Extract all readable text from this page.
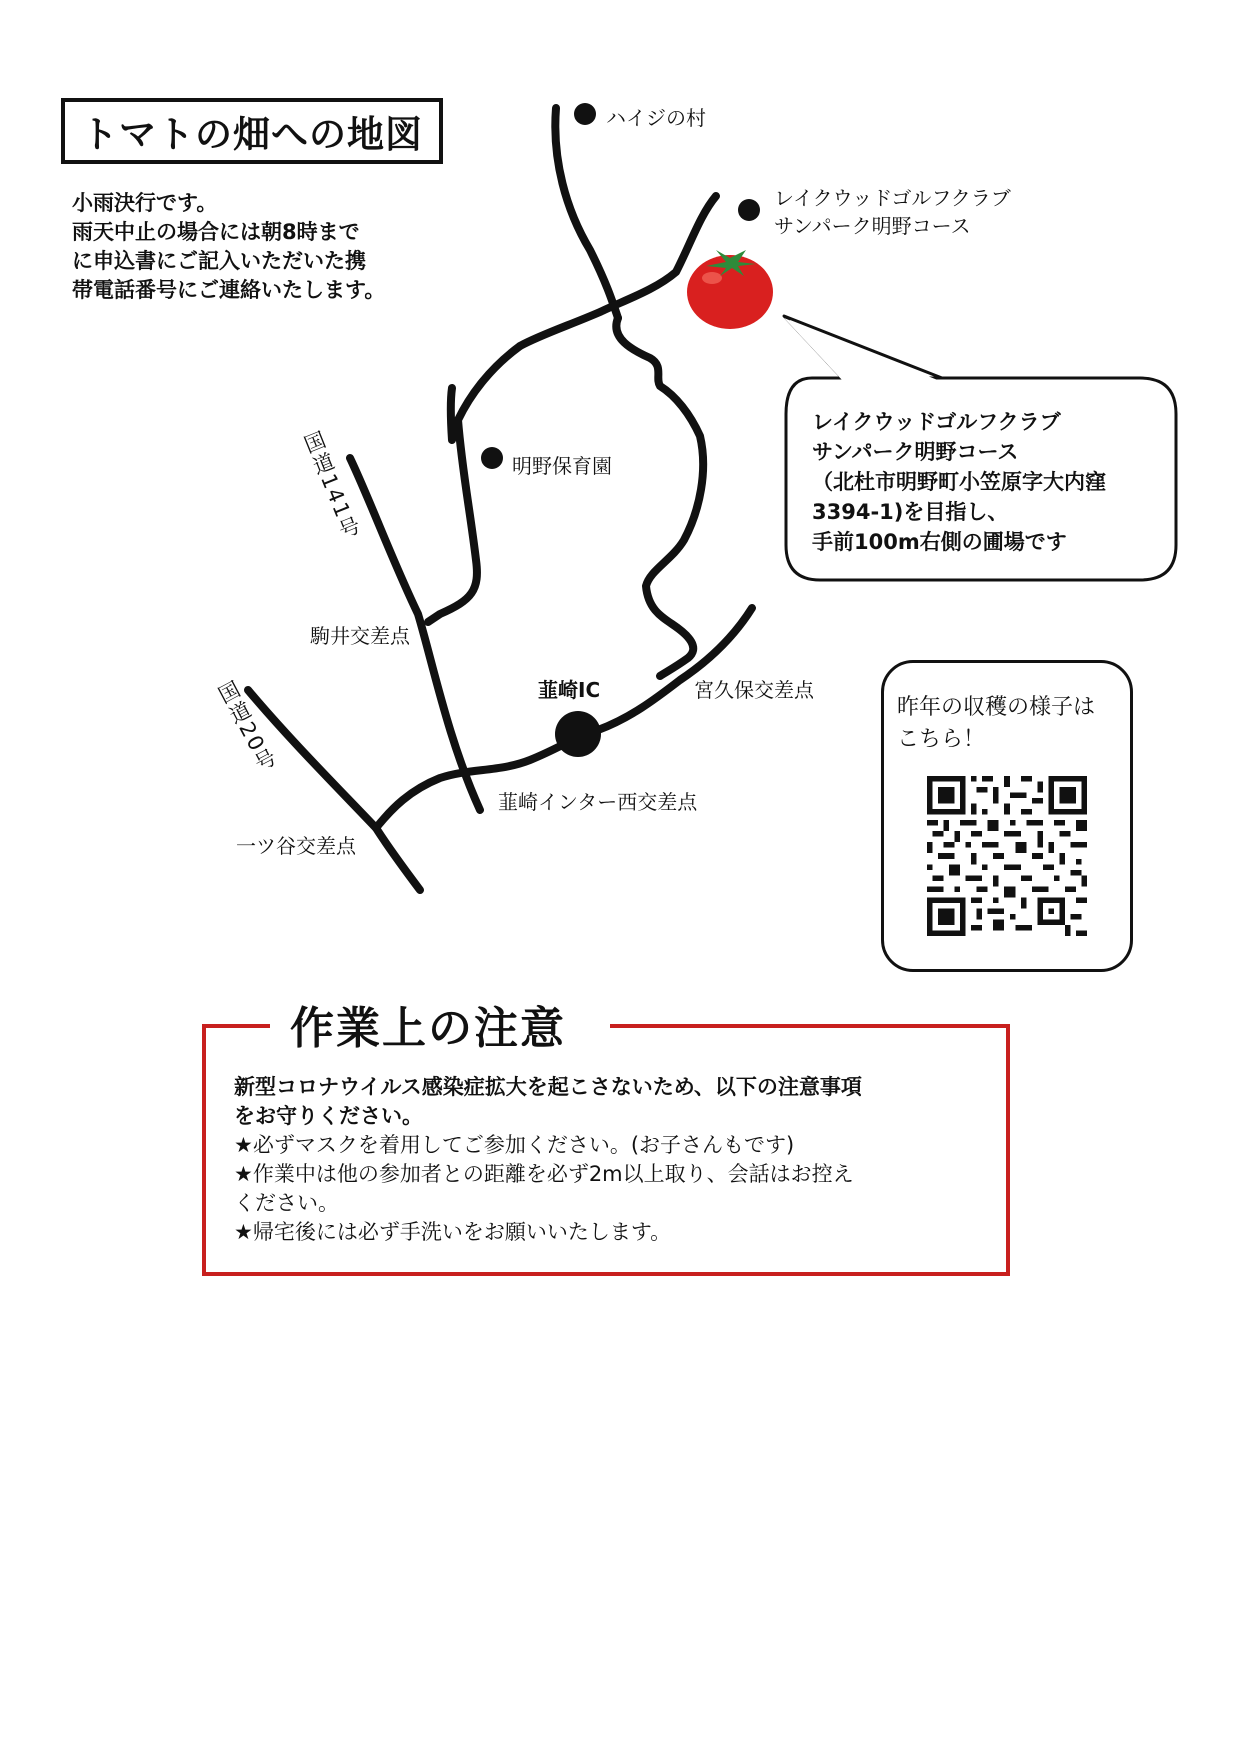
トマトの畑への地図
小雨決行です。
雨天中止の場合には朝8時まで
に申込書にご記入いただいた携
帯電話番号にご連絡いたします。
ハイジの村
レイクウッドゴルフクラブ
サンパーク明野コース
明野保育園
駒井交差点
韮崎IC	宮久保交差点
韮崎インター西交差点
一ツ谷交差点
国道141号
国道20号
レイクウッドゴルフクラブ
サンパーク明野コース
（北杜市明野町小笠原字大内窪
3394-1)を目指し、
手前100m右側の圃場です
昨年の収穫の様子は
こちら！
作業上の注意
新型コロナウイルス感染症拡大を起こさないため、以下の注意事項
をお守りください。
★必ずマスクを着用してご参加ください。(お子さんもです)
★作業中は他の参加者との距離を必ず2m以上取り、会話はお控え
ください。
★帰宅後には必ず手洗いをお願いいたします。
